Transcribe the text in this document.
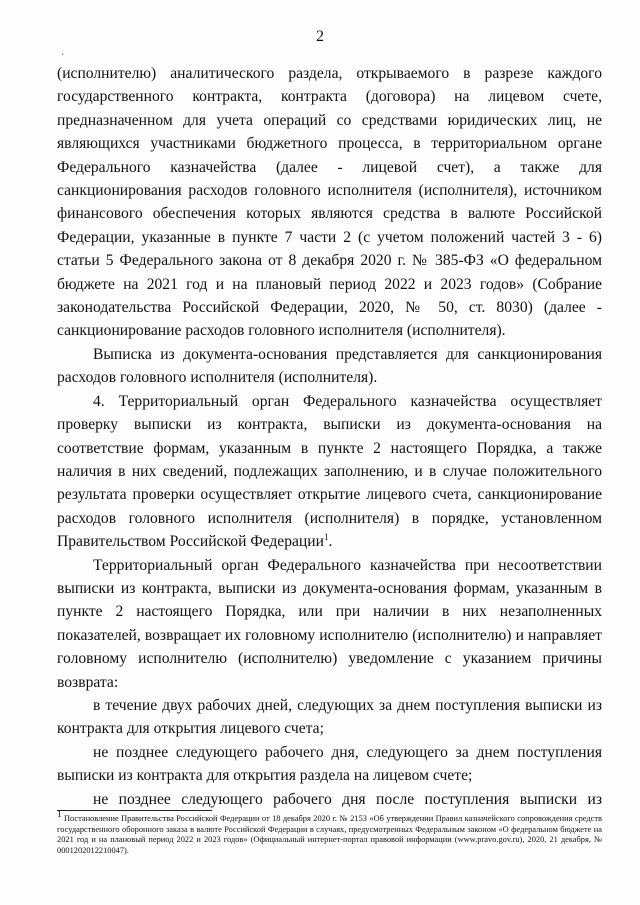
2
·

(исполнителю) аналитического раздела, открываемого в разрезе каждого государственного контракта, контракта (договора) на лицевом счете, предназначенном для учета операций со средствами юридических лиц, не являющихся участниками бюджетного процесса, в территориальном органе Федерального казначейства (далее - лицевой счет), а также для санкционирования расходов головного исполнителя (исполнителя), источником финансового обеспечения которых являются средства в валюте Российской Федерации, указанные в пункте 7 части 2 (с учетом положений частей 3 - 6) статьи 5 Федерального закона от 8 декабря 2020 г. № 385-ФЗ «О федеральном бюджете на 2021 год и на плановый период 2022 и 2023 годов» (Собрание законодательства Российской Федерации, 2020, № 50, ст. 8030) (далее - санкционирование расходов головного исполнителя (исполнителя).

Выписка из документа-основания представляется для санкционирования расходов головного исполнителя (исполнителя).

4. Территориальный орган Федерального казначейства осуществляет проверку выписки из контракта, выписки из документа-основания на соответствие формам, указанным в пункте 2 настоящего Порядка, а также наличия в них сведений, подлежащих заполнению, и в случае положительного результата проверки осуществляет открытие лицевого счета, санкционирование расходов головного исполнителя (исполнителя) в порядке, установленном Правительством Российской Федерации$^1$.

Территориальный орган Федерального казначейства при несоответствии выписки из контракта, выписки из документа-основания формам, указанным в пункте 2 настоящего Порядка, или при наличии в них незаполненных показателей, возвращает их головному исполнителю (исполнителю) и направляет головному исполнителю (исполнителю) уведомление с указанием причины возврата:

в течение двух рабочих дней, следующих за днем поступления выписки из контракта для открытия лицевого счета;

не позднее следующего рабочего дня, следующего за днем поступления выписки из контракта для открытия раздела на лицевом счете;

не позднее следующего рабочего дня после поступления выписки из

$^1$ Постановление Правительства Российской Федерации от 18 декабря 2020 г. № 2153 «Об утверждении Правил казначейского сопровождения средств государственного оборонного заказа в валюте Российской Федерации в случаях, предусмотренных Федеральным законом «О федеральном бюджете на 2021 год и на плановый период 2022 и 2023 годов» (Официальный интернет-портал правовой информации (www.pravo.gov.ru), 2020, 21 декабря, № 0001202012210047).
